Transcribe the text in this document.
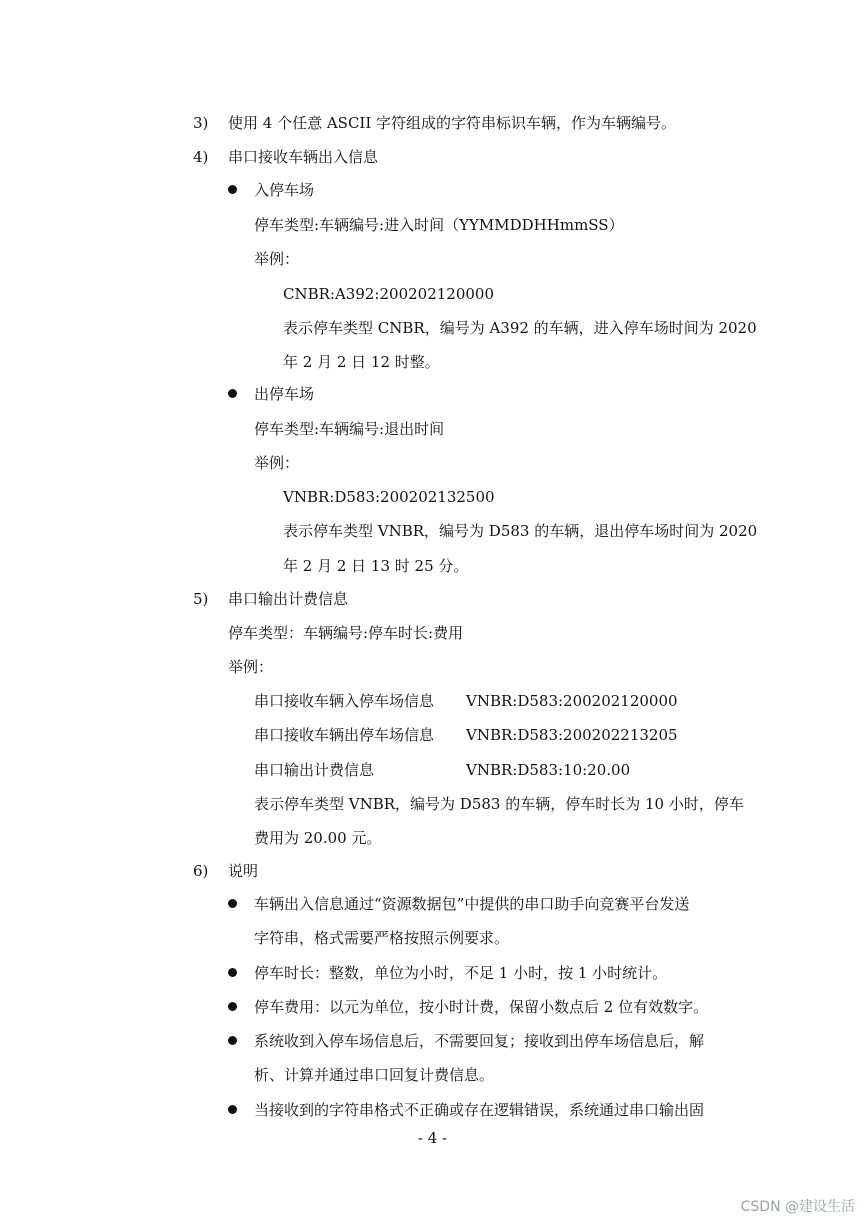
3) 使用 4 个任意 ASCII 字符组成的字符串标识车辆，作为车辆编号。
4) 串口接收车辆出入信息
入停车场
停车类型:车辆编号:进入时间（YYMMDDHHmmSS）
举例：
CNBR:A392:200202120000
表示停车类型 CNBR，编号为 A392 的车辆，进入停车场时间为 2020
年 2 月 2 日 12 时整。
出停车场
停车类型:车辆编号:退出时间
举例：
VNBR:D583:200202132500
表示停车类型 VNBR，编号为 D583 的车辆，退出停车场时间为 2020
年 2 月 2 日 13 时 25 分。
5) 串口输出计费信息
停车类型：车辆编号:停车时长:费用
举例：
串口接收车辆入停车场信息 VNBR:D583:200202120000
串口接收车辆出停车场信息 VNBR:D583:200202213205
串口输出计费信息	VNBR:D583:10:20.00
表示停车类型 VNBR，编号为 D583 的车辆，停车时长为 10 小时，停车
费用为 20.00 元。
6) 说明
车辆出入信息通过“资源数据包”中提供的串口助手向竞赛平台发送
字符串，格式需要严格按照示例要求。
停车时长：整数，单位为小时，不足 1 小时，按 1 小时统计。
停车费用：以元为单位，按小时计费，保留小数点后 2 位有效数字。
系统收到入停车场信息后，不需要回复；接收到出停车场信息后，解
析、计算并通过串口回复计费信息。
当接收到的字符串格式不正确或存在逻辑错误，系统通过串口输出固
- 4 -
CSDN @建设生活
